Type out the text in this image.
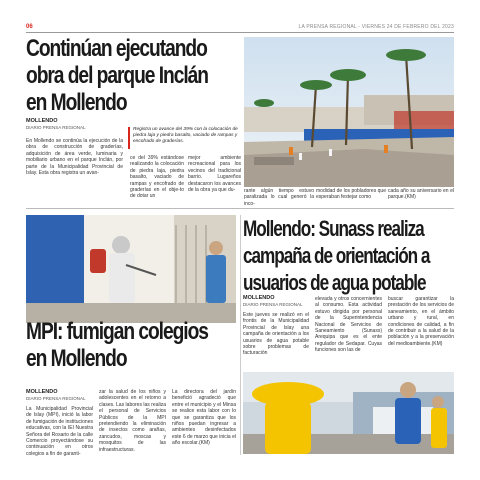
06	LA PRENSA REGIONAL - VIERNES 24 DE FEBRERO DEL 2023
Continúan ejecutando
obra del parque Inclán
en Mollendo
MOLLENDO
DIARIO PRENSA REGIONAL	Registra un avance del 39% con la colocación de piedra laja y piedra basalto, vaciado de rampas y encofrado de graderías.
En Mollendo se continúa la ejecución de la obra de construcción de graderías, adquisición de área verde, luminaria y mobiliario urbano en el parque Inclán, por parte de la Municipalidad Provincial de Islay. Esta obra registra un avan-
ce del 39% estándose realizando la colocación de piedra laja, piedra basalto, vaciado de rampas y encofrado de graderías en el obje-to de dotar un
mejor ambiente recreacional para los vecinos del tradicional barrio. Lugareños destacaron los avances de la obra ya que du-	rante algún tiempo estuvo paralizada lo cual generó la inco-
modidad de los pobladores que esperaban festejar como
cada año su aniversario en el parque.(KM)
Mollendo: Sunass realiza
campaña de orientación a
usuarios de agua potable
MOLLENDO
DIARIO PRENSA REGIONAL
Este jueves se realizó en el frontis de la Municipalidad Provincial de Islay una campaña de orientación a los usuarios de agua potable sobre problemas de facturación
elevada y otros concernientes al consumo. Esta actividad estuvo dirigida por personal de la Superintendencia Nacional de Servicios de Saneamiento (Sunass) Arequipa que es el ente regulador de Sedapar. Cuyas funciones son las de
buscar garantizar la prestación de los servicios de saneamiento, en el ámbito urbano y rural, en condiciones de calidad, a fin de contribuir a la salud de la población y a la preservación del medioambiente.(KM)
MPI: fumigan colegios
en Mollendo
MOLLENDO
DIARIO PRENSA REGIONAL
La Municipalidad Provincial de Islay (MPI), inició la labor de fumigación de instituciones educativas, con la IEI Nuestra Señora del Rosario de la calle Comercio proyectándose su continuación en otros colegios a fin de garanti-
zar la salud de los niños y adolescentes en el retorno a clases. Las labores las realiza el personal de Servicios Públicos de la MPI pretendiendo la eliminación de insectos como arañas, zancudos, moscas y mosquitos de las infraestructuras.
La directora del jardín benefició agradeció que entre el municipio y el Minsa se realice esta labor con lo que se garantiza que los niños puedan ingresar a ambientes desinfectados este 6 de marzo que inicia el año escolar.(KM)
